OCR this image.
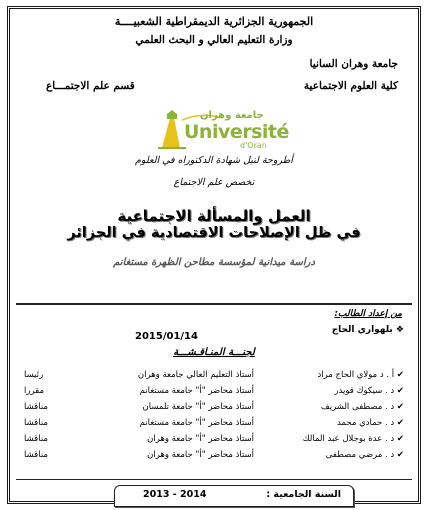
الجمهورية الجزائرية الديمقراطية الشعبيــــة
وزارة التعليم العالي و البحث العلمي
جامعة وهران السانيا
كلية العلوم الاجتماعية
قسم علم الاجتمـــاع
جامعة وهران
Université
d'Oran
أطروحة لنيل شهادة الدكتوراه في العلوم
تخصص علم الاجتماع
العمل والمسألة الاجتماعية
في ظل الإصلاحات الاقتصادية في الجزائر
دراسة ميدانية لمؤسسة مطاحن الظهرة مستغانم
من إعداد الطالب:
❖ بلهواري الحاج
2015/01/14
لجنـــة المنـاقـشـــة
✔ أ . د مولاي الحاج مراد
أستاذ التعليم العالي جامعة وهران
رئيسا
✔ د . سيكوك قويدر
أستاذ محاضر "أ" جامعة مستغانم
مقررا
✔ د . مصطفى الشريف
أستاذ محاضر "أ" جامعة تلمسان
مناقشا
✔ د . حمادي محمد
أستاذ محاضر "أ" جامعة مستغانم
مناقشا
✔ د . عدة بوجلال عبد المالك
أستاذ محاضر "أ" جامعة وهران
مناقشا
✔ د . مرضي مصطفى
أستاذ محاضر "أ" جامعة وهران
مناقشا
السنة الجامعية :
2013 - 2014
